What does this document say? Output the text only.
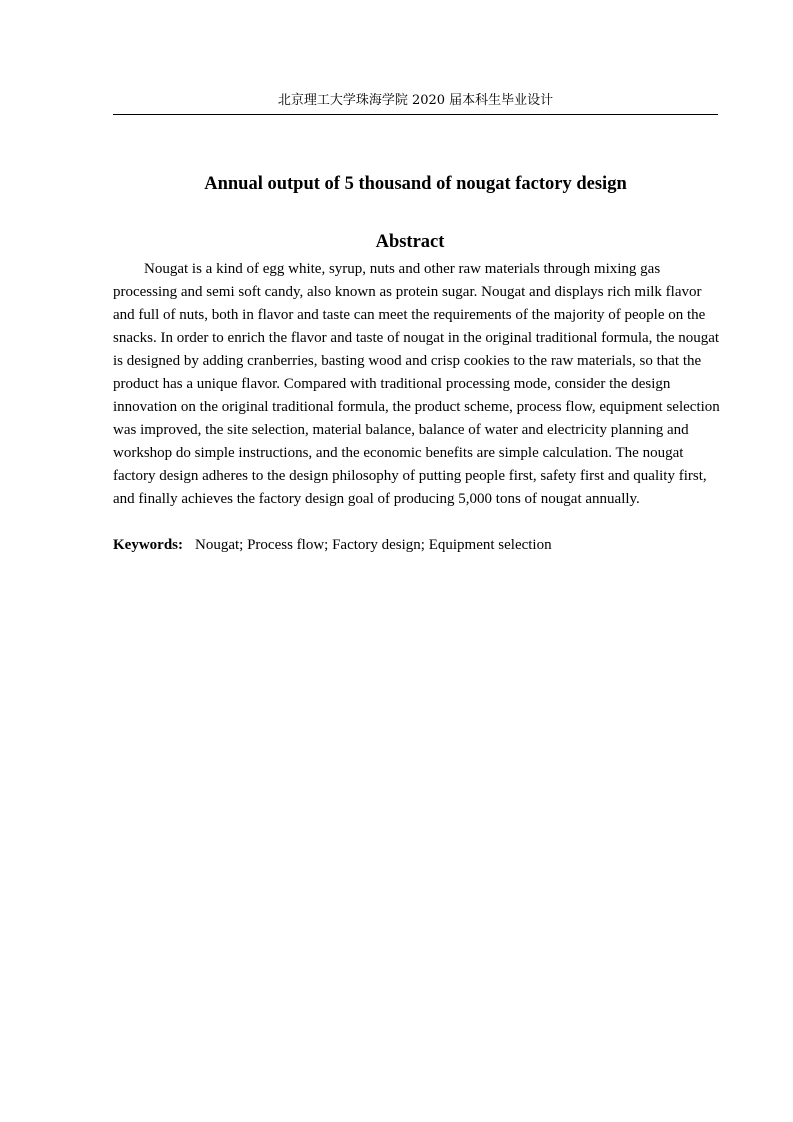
北京理工大学珠海学院 2020 届本科生毕业设计
Annual output of 5 thousand of nougat factory design
Abstract

Nougat is a kind of egg white, syrup, nuts and other raw materials through mixing gas processing and semi soft candy, also known as protein sugar. Nougat and displays rich milk flavor and full of nuts, both in flavor and taste can meet the requirements of the majority of people on the snacks. In order to enrich the flavor and taste of nougat in the original traditional formula, the nougat is designed by adding cranberries, basting wood and crisp cookies to the raw materials, so that the product has a unique flavor. Compared with traditional processing mode, consider the design innovation on the original traditional formula, the product scheme, process flow, equipment selection was improved, the site selection, material balance, balance of water and electricity planning and workshop do simple instructions, and the economic benefits are simple calculation. The nougat factory design adheres to the design philosophy of putting people first, safety first and quality first, and finally achieves the factory design goal of producing 5,000 tons of nougat annually.

Keywords: Nougat; Process flow; Factory design; Equipment selection
